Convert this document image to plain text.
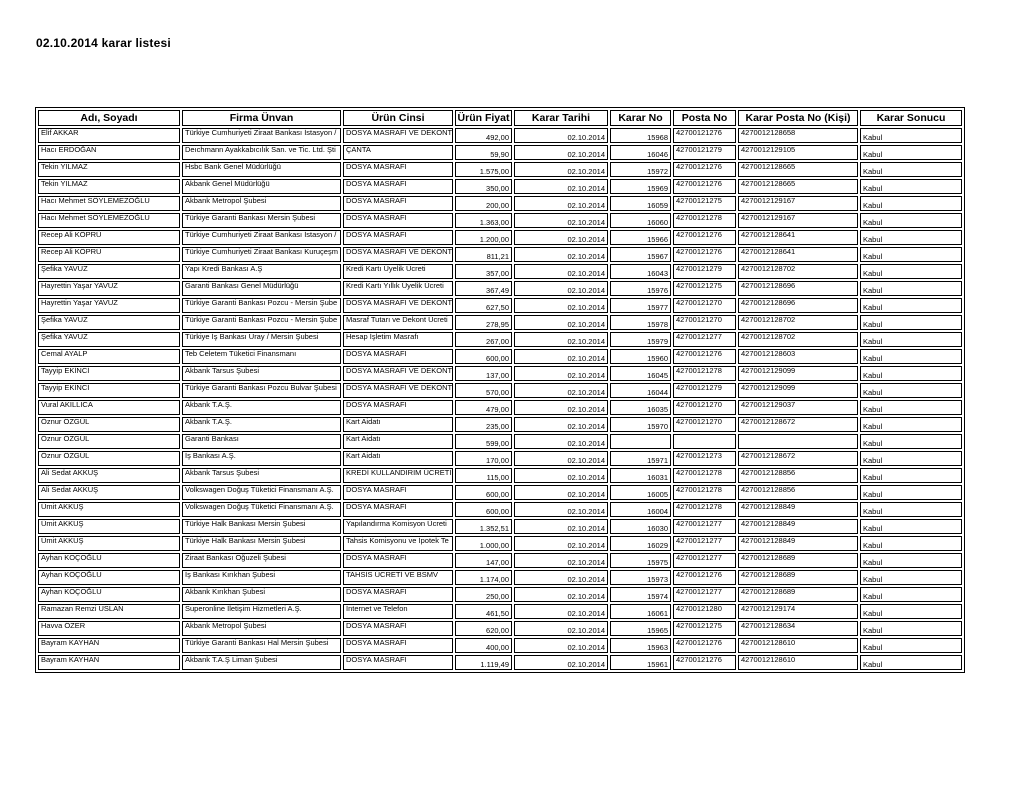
02.10.2014 karar listesi
Adı, Soyadı	Firma Ünvan	Ürün Cinsi	Ürün Fiyat	Karar Tarihi	Karar No	Posta No	Karar Posta No (Kişi)	Karar Sonucu
Elif AKKAR	Türkiye Cumhuriyeti Ziraat Bankası İstasyon /	DOSYA MASRAFI VE DEKONT	492,00	02.10.2014	15968	42700121276	4270012128658	Kabul
Hacı ERDOĞAN	Deıchmann Ayakkabıcılık San. ve Tic. Ltd. Şti	ÇANTA	59,90	02.10.2014	16046	42700121279	4270012129105	Kabul
Tekin YILMAZ	Hsbc Bank Genel Müdürlüğü	DOSYA MASRAFI	1.575,00	02.10.2014	15972	42700121276	4270012128665	Kabul
Tekin YILMAZ	Akbank Genel Müdürlüğü	DOSYA MASRAFI	350,00	02.10.2014	15969	42700121276	4270012128665	Kabul
Hacı Mehmet SÖYLEMEZOĞLU	Akbank Metropol Şubesi	DOSYA MASRAFI	200,00	02.10.2014	16059	42700121275	4270012129167	Kabul
Hacı Mehmet SÖYLEMEZOĞLU	Türkiye Garanti Bankası Mersin Şubesi	DOSYA MASRAFI	1.363,00	02.10.2014	16060	42700121278	4270012129167	Kabul
Recep Ali KÖPRÜ	Türkiye Cumhuriyeti Ziraat Bankası İstasyon /	DOSYA MASRAFI	1.200,00	02.10.2014	15966	42700121276	4270012128641	Kabul
Recep Ali KÖPRÜ	Türkiye Cumhuriyeti Ziraat Bankası Kuruçeşm	DOSYA MASRAFI VE DEKONT	811,21	02.10.2014	15967	42700121276	4270012128641	Kabul
Şefika YAVUZ	Yapı Kredi Bankası A.Ş	Kredi Kartı Üyelik Ücreti	357,00	02.10.2014	16043	42700121279	4270012128702	Kabul
Hayrettin Yaşar YAVUZ	Garanti Bankası Genel Müdürlüğü	Kredi Kartı Yıllık Üyelik Ücreti	367,49	02.10.2014	15976	42700121275	4270012128696	Kabul
Hayrettin Yaşar YAVUZ	Türkiye Garanti Bankası Pozcu - Mersin Şube	DOSYA MASRAFI VE DEKONT	627,50	02.10.2014	15977	42700121270	4270012128696	Kabul
Şefika YAVUZ	Türkiye Garanti Bankası Pozcu - Mersin Şube	Masraf Tutarı ve Dekont Ücreti	278,95	02.10.2014	15978	42700121270	4270012128702	Kabul
Şefika YAVUZ	Türkiye İş Bankası Uray / Mersin Şubesi	Hesap İşletim Masrafı	267,00	02.10.2014	15979	42700121277	4270012128702	Kabul
Cemal AYALP	Teb Celetem Tüketici Finansmanı	DOSYA MASRAFI	600,00	02.10.2014	15960	42700121276	4270012128603	Kabul
Tayyip EKİNCİ	Akbank Tarsus Şubesi	DOSYA MASRAFI VE DEKONT	137,00	02.10.2014	16045	42700121278	4270012129099	Kabul
Tayyip EKİNCİ	Türkiye Garanti Bankası Pozcu Bulvar Şubesi	DOSYA MASRAFI VE DEKONT	570,00	02.10.2014	16044	42700121279	4270012129099	Kabul
Vural AKILLICA	Akbank T.A.Ş.	DOSYA MASRAFI	479,00	02.10.2014	16035	42700121270	4270012129037	Kabul
Öznur ÖZGÜL	Akbank T.A.Ş.	Kart Aidatı	235,00	02.10.2014	15970	42700121270	4270012128672	Kabul
Öznur ÖZGÜL	Garanti Bankası	Kart Aidatı	599,00	02.10.2014				Kabul
Öznur ÖZGÜL	İş Bankası A.Ş.	Kart Aidatı	170,00	02.10.2014	15971	42700121273	4270012128672	Kabul
Ali Sedat AKKUŞ	Akbank Tarsus Şubesi	KREDİ KULLANDIRIM ÜCRETİ	115,00	02.10.2014	16031	42700121278	4270012128856	Kabul
Ali Sedat AKKUŞ	Volkswagen Doğuş Tüketici Finansmanı A.Ş.	DOSYA MASRAFI	600,00	02.10.2014	16005	42700121278	4270012128856	Kabul
Ümit AKKUŞ	Volkswagen Doğuş Tüketici Finansmanı A.Ş.	DOSYA MASRAFI	600,00	02.10.2014	16004	42700121278	4270012128849	Kabul
Ümit AKKUŞ	Türkiye Halk Bankası Mersin Şubesi	Yapılandırma Komisyon Ücreti	1.352,51	02.10.2014	16030	42700121277	4270012128849	Kabul
Ümit AKKUŞ	Türkiye Halk Bankası Mersin Şubesi	Tahsis Komisyonu ve İpotek Te	1.000,00	02.10.2014	16029	42700121277	4270012128849	Kabul
Ayhan KOÇOĞLU	Ziraat Bankası Oğuzeli Şubesi	DOSYA MASRAFI	147,00	02.10.2014	15975	42700121277	4270012128689	Kabul
Ayhan KOÇOĞLU	İş Bankası Kırıkhan Şubesi	TAHSİS ÜCRETİ VE BSMV	1.174,00	02.10.2014	15973	42700121276	4270012128689	Kabul
Ayhan KOÇOĞLU	Akbank Kırıkhan Şubesi	DOSYA MASRAFI	250,00	02.10.2014	15974	42700121277	4270012128689	Kabul
Ramazan Remzi USLAN	Superonline İletişim Hizmetleri A.Ş.	İnternet ve Telefon	461,50	02.10.2014	16061	42700121280	4270012129174	Kabul
Havva ÖZER	Akbank Metropol Şubesi	DOSYA MASRAFI	620,00	02.10.2014	15965	42700121275	4270012128634	Kabul
Bayram KAYHAN	Türkiye Garanti Bankası Hal Mersin Şubesi	DOSYA MASRAFI	400,00	02.10.2014	15963	42700121276	4270012128610	Kabul
Bayram KAYHAN	Akbank T.A.Ş Liman Şubesi	DOSYA MASRAFI	1.119,49	02.10.2014	15961	42700121276	4270012128610	Kabul
